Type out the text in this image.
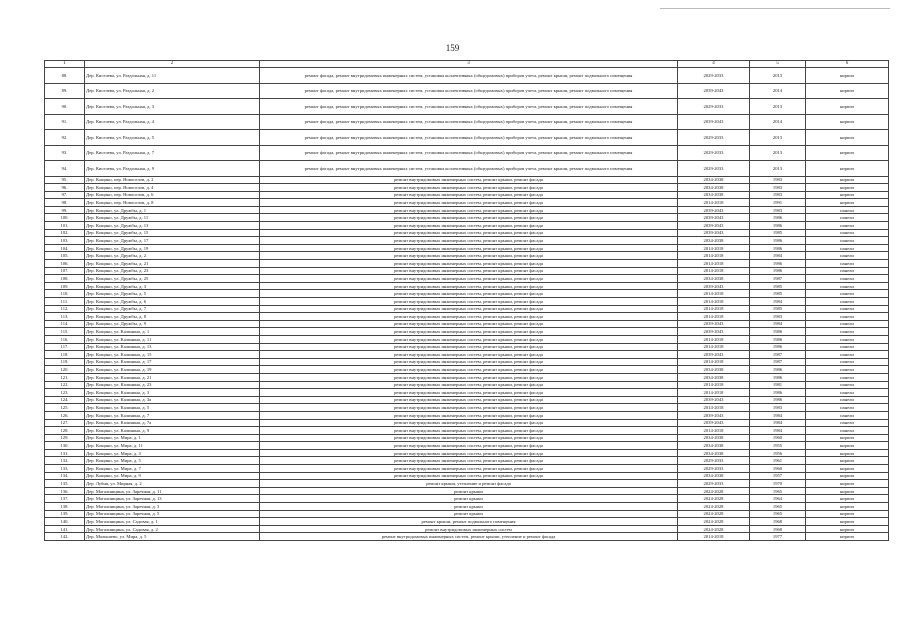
159
1	2	3	4	5	6
88.	Дер. Киселева, ул. Раздольная, д. 11	ремонт фасада, ремонт внутридомовых инженерных систем, установка коллективных (общедомовых) приборов учета, ремонт крыши, ремонт подвального помещения	2029-2033	2013	кирпич
89.	Дер. Киселева, ул. Раздольная, д. 2	ремонт фасада, ремонт внутридомовых инженерных систем, установка коллективных (общедомовых) приборов учета, ремонт крыши, ремонт подвального помещения	2039-2043	2014	кирпич
90.	Дер. Киселева, ул. Раздольная, д. 3	ремонт фасада, ремонт внутридомовых инженерных систем, установка коллективных (общедомовых) приборов учета, ремонт крыши, ремонт подвального помещения	2029-2033	2013	кирпич
91.	Дер. Киселева, ул. Раздольная, д. 4	ремонт фасада, ремонт внутридомовых инженерных систем, установка коллективных (общедомовых) приборов учета, ремонт крыши, ремонт подвального помещения	2039-2043	2014	кирпич
92.	Дер. Киселева, ул. Раздольная, д. 5	ремонт фасада, ремонт внутридомовых инженерных систем, установка коллективных (общедомовых) приборов учета, ремонт крыши, ремонт подвального помещения	2029-2033	2013	кирпич
93.	Дер. Киселева, ул. Раздольная, д. 7	ремонт фасада, ремонт внутридомовых инженерных систем, установка коллективных (общедомовых) приборов учета, ремонт крыши, ремонт подвального помещения	2029-2033	2013	кирпич
94.	Дер. Киселева, ул. Раздольная, д. 9	ремонт фасада, ремонт внутридомовых инженерных систем, установка коллективных (общедомовых) приборов учета, ремонт крыши, ремонт подвального помещения	2029-2033	2013	кирпич
95.	Дер. Кощино, пер. Новоселов, д. 2	ремонт внутридомовых инженерных систем, ремонт крыши, ремонт фасада	2034-2038	1983	кирпич
96.	Дер. Кощино, пер. Новоселов, д. 4	ремонт внутридомовых инженерных систем, ремонт крыши, ремонт фасада	2034-2038	1983	кирпич
97.	Дер. Кощино, пер. Новоселов, д. 6	ремонт внутридомовых инженерных систем, ремонт крыши, ремонт фасада	2034-2038	1983	кирпич
98.	Дер. Кощино, пер. Новоселов, д. 8	ремонт внутридомовых инженерных систем, ремонт крыши, ремонт фасада	2014-2018	1991	кирпич
99.	Дер. Кощино, ул. Дружбы, д. 1	ремонт внутридомовых инженерных систем, ремонт крыши, ремонт фасада	2039-2043	1983	панели
100.	Дер. Кощино, ул. Дружбы, д. 11	ремонт внутридомовых инженерных систем, ремонт крыши, ремонт фасада	2039-2043	1986	панели
101.	Дер. Кощино, ул. Дружбы, д. 13	ремонт внутридомовых инженерных систем, ремонт крыши, ремонт фасада	2039-2043	1986	панели
102.	Дер. Кощино, ул. Дружбы, д. 15	ремонт внутридомовых инженерных систем, ремонт крыши, ремонт фасада	2039-2043	1985	панели
103.	Дер. Кощино, ул. Дружбы, д. 17	ремонт внутридомовых инженерных систем, ремонт крыши, ремонт фасада	2034-2038	1986	панели
104.	Дер. Кощино, ул. Дружбы, д. 19	ремонт внутридомовых инженерных систем, ремонт крыши, ремонт фасада	2014-2018	1986	панели
105.	Дер. Кощино, ул. Дружбы, д. 2	ремонт внутридомовых инженерных систем, ремонт крыши, ремонт фасада	2014-2018	1984	панели
106.	Дер. Кощино, ул. Дружбы, д. 21	ремонт внутридомовых инженерных систем, ремонт крыши, ремонт фасада	2014-2018	1986	панели
107.	Дер. Кощино, ул. Дружбы, д. 23	ремонт внутридомовых инженерных систем, ремонт крыши, ремонт фасада	2014-2018	1986	панели
108.	Дер. Кощино, ул. Дружбы, д. 25	ремонт внутридомовых инженерных систем, ремонт крыши, ремонт фасада	2034-2038	1987	панели
109.	Дер. Кощино, ул. Дружбы, д. 3	ремонт внутридомовых инженерных систем, ремонт крыши, ремонт фасада	2039-2043	1985	панели
110.	Дер. Кощино, ул. Дружбы, д. 5	ремонт внутридомовых инженерных систем, ремонт крыши, ремонт фасада	2014-2018	1985	панели
111.	Дер. Кощино, ул. Дружбы, д. 6	ремонт внутридомовых инженерных систем, ремонт крыши, ремонт фасада	2014-2018	1984	панели
112.	Дер. Кощино, ул. Дружбы, д. 7	ремонт внутридомовых инженерных систем, ремонт крыши, ремонт фасада	2014-2018	1985	панели
113.	Дер. Кощино, ул. Дружбы, д. 8	ремонт внутридомовых инженерных систем, ремонт крыши, ремонт фасада	2014-2018	1983	панели
114.	Дер. Кощино, ул. Дружбы, д. 9	ремонт внутридомовых инженерных систем, ремонт крыши, ремонт фасада	2039-2043	1984	панели
115.	Дер. Кощино, ул. Калинина, д. 1	ремонт внутридомовых инженерных систем, ремонт крыши, ремонт фасада	2039-2043	1986	панели
116.	Дер. Кощино, ул. Калинина, д. 11	ремонт внутридомовых инженерных систем, ремонт крыши, ремонт фасада	2014-2018	1986	панели
117.	Дер. Кощино, ул. Калинина, д. 13	ремонт внутридомовых инженерных систем, ремонт крыши, ремонт фасада	2014-2018	1986	панели
118.	Дер. Кощино, ул. Калинина, д. 15	ремонт внутридомовых инженерных систем, ремонт крыши, ремонт фасада	2039-2043	1987	панели
119.	Дер. Кощино, ул. Калинина, д. 17	ремонт внутридомовых инженерных систем, ремонт крыши, ремонт фасада	2014-2018	1987	панели
120.	Дер. Кощино, ул. Калинина, д. 19	ремонт внутридомовых инженерных систем, ремонт крыши, ремонт фасада	2034-2038	1986	панели
121.	Дер. Кощино, ул. Калинина, д. 21	ремонт внутридомовых инженерных систем, ремонт крыши, ремонт фасада	2034-2038	1986	панели
122.	Дер. Кощино, ул. Калинина, д. 23	ремонт внутридомовых инженерных систем, ремонт крыши, ремонт фасада	2014-2018	1981	панели
123.	Дер. Кощино, ул. Калинина, д. 3	ремонт внутридомовых инженерных систем, ремонт крыши, ремонт фасада	2014-2018	1986	панели
124.	Дер. Кощино, ул. Калинина, д. 3а	ремонт внутридомовых инженерных систем, ремонт крыши, ремонт фасада	2039-2043	1986	панели
125.	Дер. Кощино, ул. Калинина, д. 5	ремонт внутридомовых инженерных систем, ремонт крыши, ремонт фасада	2014-2018	1983	панели
126.	Дер. Кощино, ул. Калинина, д. 7	ремонт внутридомовых инженерных систем, ремонт крыши, ремонт фасада	2039-2043	1984	панели
127.	Дер. Кощино, ул. Калинина, д. 7а	ремонт внутридомовых инженерных систем, ремонт крыши, ремонт фасада	2039-2043	1984	панели
128.	Дер. Кощино, ул. Калинина, д. 9	ремонт внутридомовых инженерных систем, ремонт крыши, ремонт фасада	2014-2018	1984	панели
129.	Дер. Кощино, ул. Мира, д. 1	ремонт внутридомовых инженерных систем, ремонт крыши, ремонт фасада	2034-2038	1960	кирпич
130.	Дер. Кощино, ул. Мира, д. 11	ремонт внутридомовых инженерных систем, ремонт крыши, ремонт фасада	2034-2038	1955	кирпич
131.	Дер. Кощино, ул. Мира, д. 3	ремонт внутридомовых инженерных систем, ремонт крыши, ремонт фасада	2034-2038	1956	кирпич
132.	Дер. Кощино, ул. Мира, д. 5	ремонт внутридомовых инженерных систем, ремонт крыши, ремонт фасада	2029-2033	1961	кирпич
133.	Дер. Кощино, ул. Мира, д. 7	ремонт внутридомовых инженерных систем, ремонт крыши, ремонт фасада	2029-2033	1960	кирпич
134.	Дер. Кощино, ул. Мира, д. 9	ремонт внутридомовых инженерных систем, ремонт крыши, ремонт фасада	2034-2038	1957	кирпич
135.	Дер. Лубня, ул. Мирная, д. 2	ремонт крыши, утепление и ремонт фасада	2029-2033	1970	кирпич
136.	Дер. Магалинщина, ул. Заречная, д. 11	ремонт крыши	2024-2028	1965	кирпич
137.	Дер. Магалинщина, ул. Заречная, д. 13	ремонт крыши	2024-2028	1964	кирпич
138.	Дер. Магалинщина, ул. Заречная, д. 3	ремонт крыши	2024-2028	1965	кирпич
139.	Дер. Магалинщина, ул. Заречная, д. 5	ремонт крыши	2024-2028	1965	кирпич
140.	Дер. Магалинщина, ул. Садовая, д. 1	ремонт крыши, ремонт подвального помещения	2024-2028	1968	кирпич
141.	Дер. Магалинщина, ул. Садовая, д. 2	ремонт внутридомовых инженерных систем	2024-2028	1968	кирпич
142.	Дер. Малышево, ул. Мира, д. 5	ремонт внутридомовых инженерных систем, ремонт крыши, утепление и ремонт фасада	2014-2018	1977	кирпич
